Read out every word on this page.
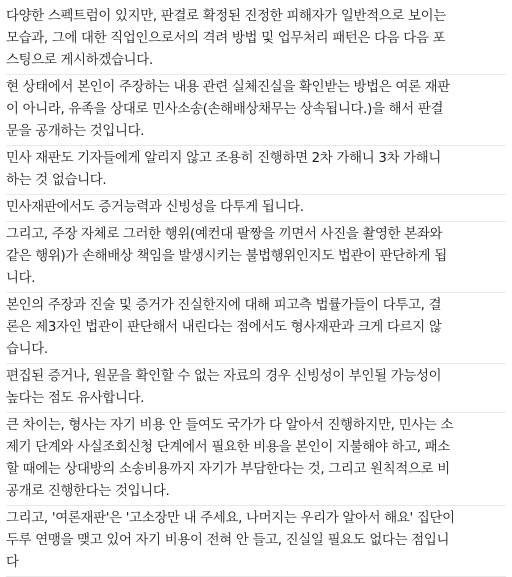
다양한 스펙트럼이 있지만, 판결로 확정된 진정한 피해자가 일반적으로 보이는
모습과, 그에 대한 직업인으로서의 격려 방법 및 업무처리 패턴은 다음 다음 포
스팅으로 게시하겠습니다.

현 상태에서 본인이 주장하는 내용 관련 실체진실을 확인받는 방법은 여론 재판
이 아니라, 유족을 상대로 민사소송(손해배상채무는 상속됩니다.)을 해서 판결
문을 공개하는 것입니다.

민사 재판도 기자들에게 알리지 않고 조용히 진행하면 2차 가해니 3차 가해니
하는 것 없습니다.

민사재판에서도 증거능력과 신빙성을 다투게 됩니다.

그리고, 주장 자체로 그러한 행위(예컨대 팔짱을 끼면서 사진을 촬영한 본좌와
같은 행위)가 손해배상 책임을 발생시키는 불법행위인지도 법관이 판단하게 됩
니다.

본인의 주장과 진술 및 증거가 진실한지에 대해 피고측 법률가들이 다투고, 결
론은 제3자인 법관이 판단해서 내린다는 점에서도 형사재판과 크게 다르지 않
습니다.

편집된 증거나, 원문을 확인할 수 없는 자료의 경우 신빙성이 부인될 가능성이
높다는 점도 유사합니다.

큰 차이는, 형사는 자기 비용 안 들여도 국가가 다 알아서 진행하지만, 민사는 소
제기 단계와 사실조회신청 단계에서 필요한 비용을 본인이 지불해야 하고, 패소
할 때에는 상대방의 소송비용까지 자기가 부담한다는 것, 그리고 원칙적으로 비
공개로 진행한다는 것입니다.

그리고, '여론재판'은 '고소장만 내 주세요, 나머지는 우리가 알아서 해요' 집단이
두루 연맹을 맺고 있어 자기 비용이 전혀 안 들고, 진실일 필요도 없다는 점입니
다
